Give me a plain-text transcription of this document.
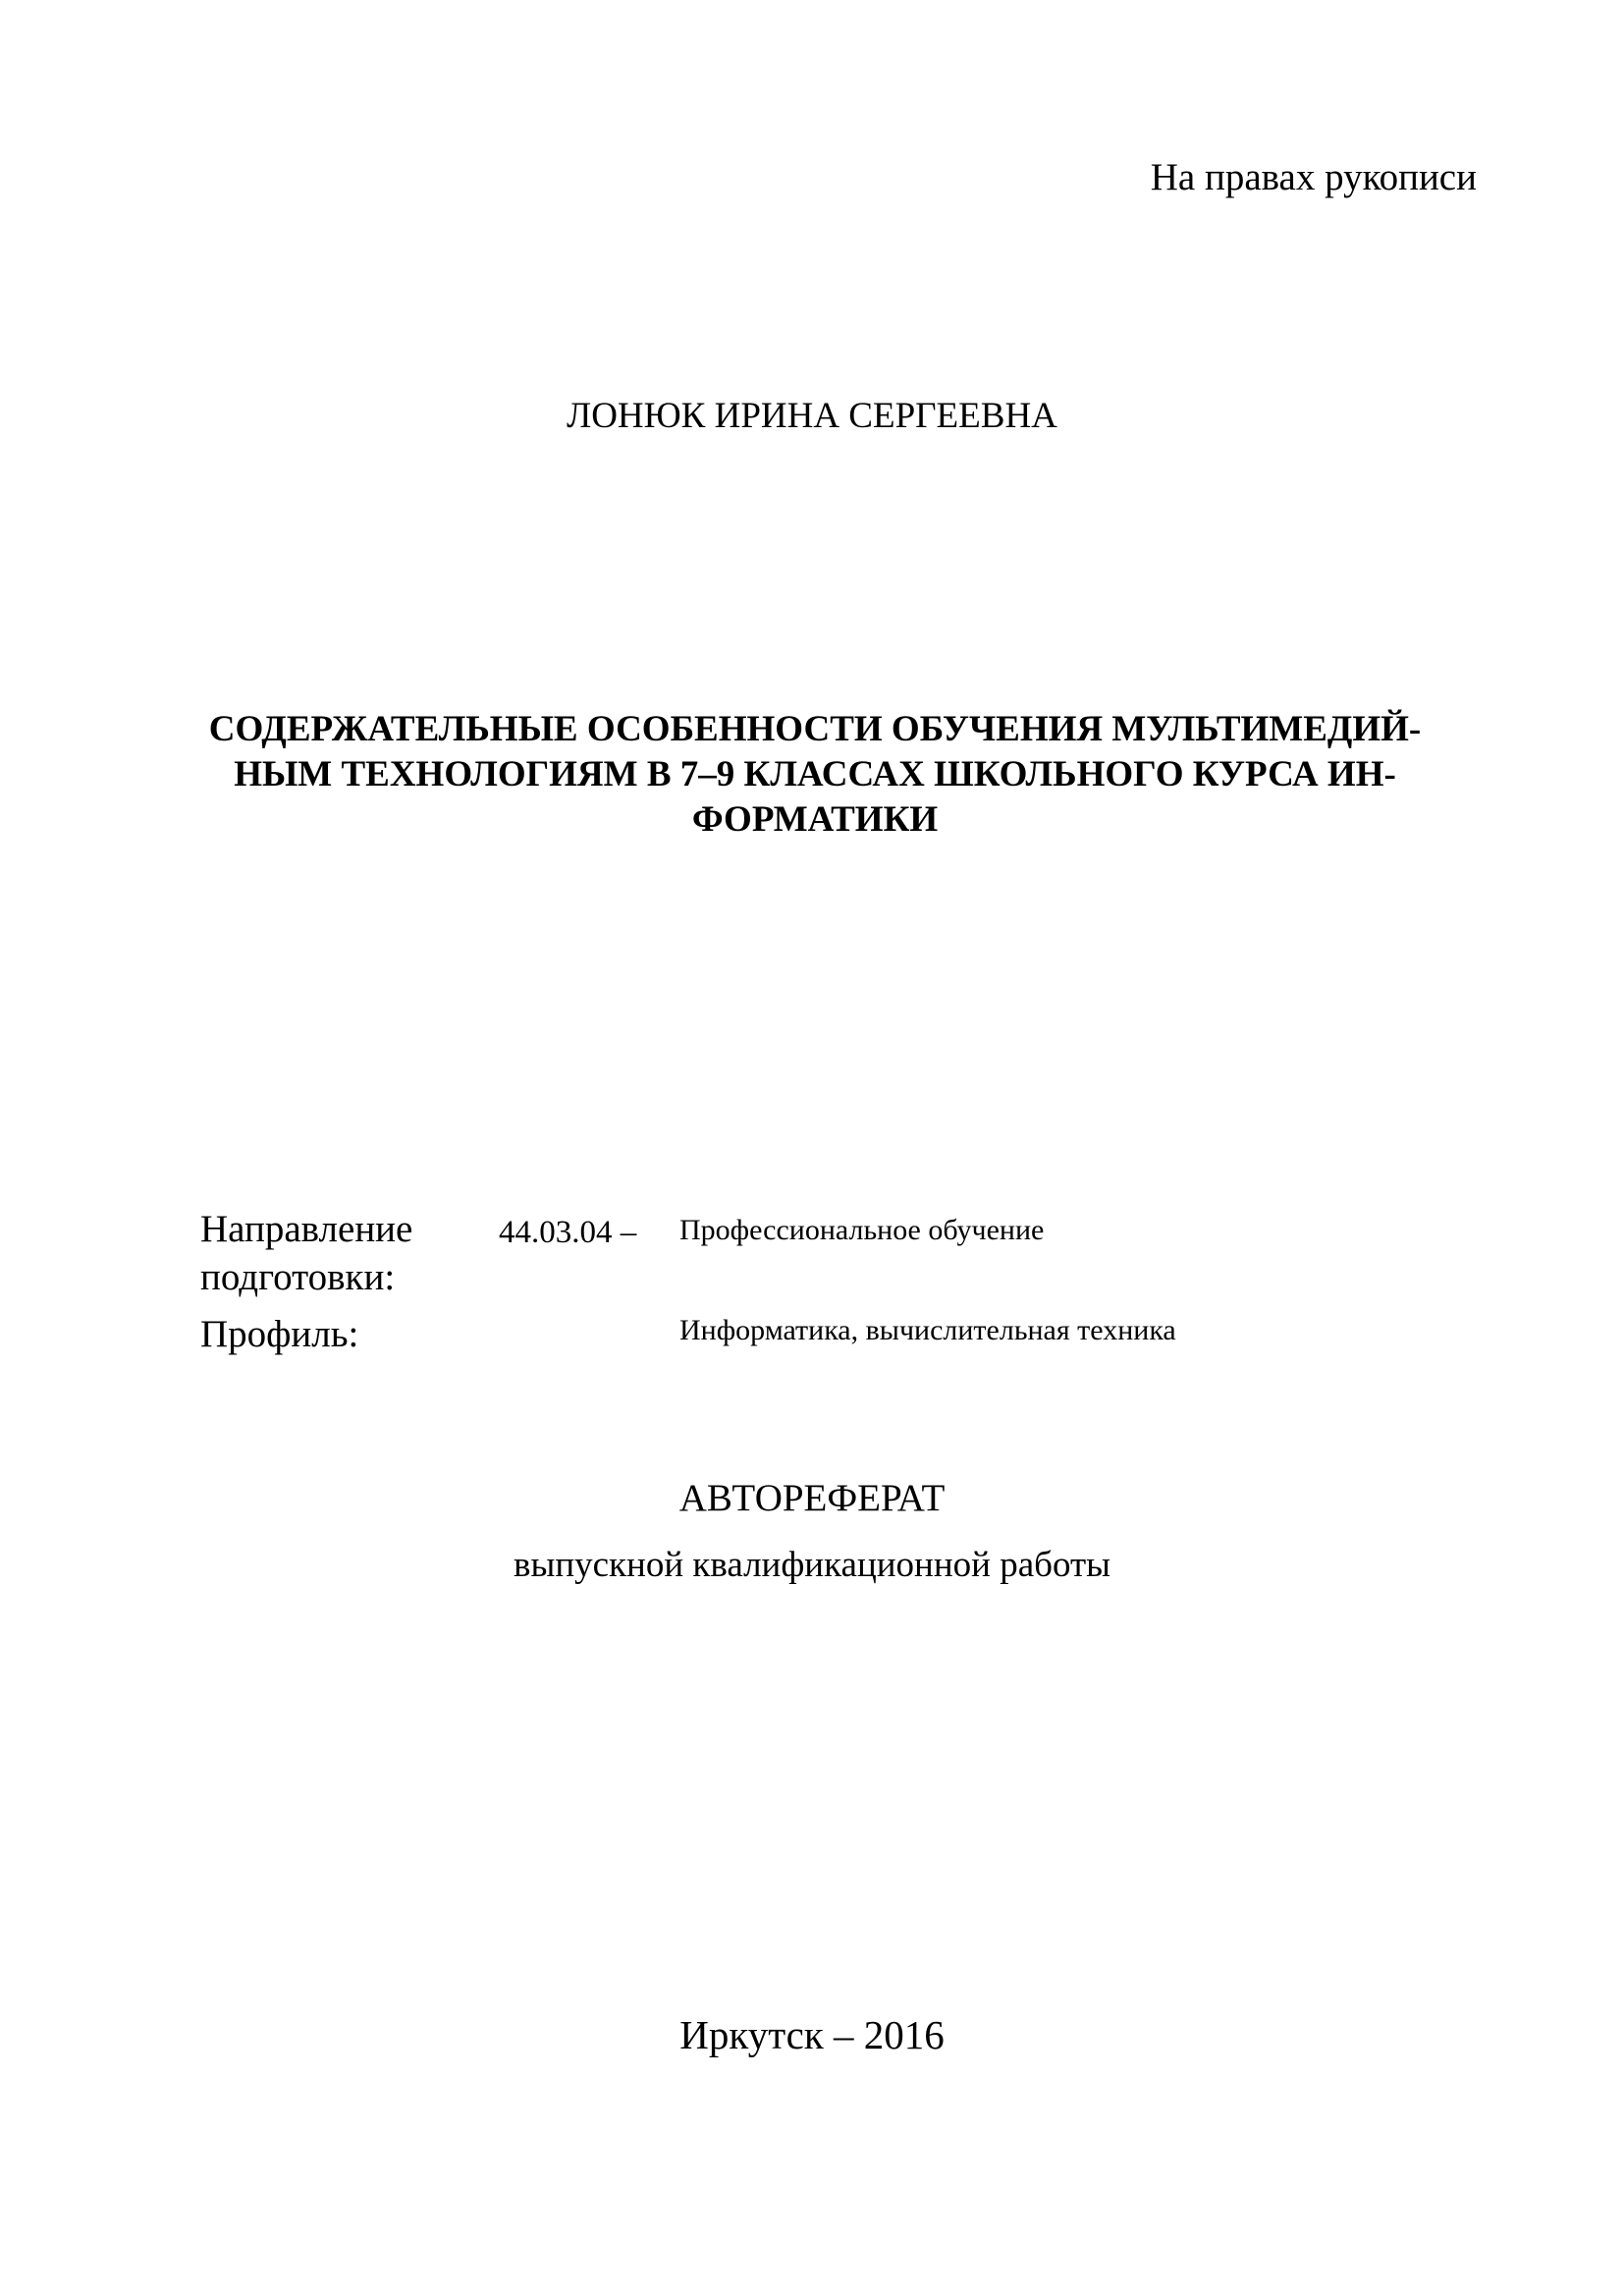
На правах рукописи
ЛОНЮК ИРИНА СЕРГЕЕВНА
СОДЕРЖАТЕЛЬНЫЕ ОСОБЕННОСТИ ОБУЧЕНИЯ МУЛЬТИМЕДИЙ-
НЫМ ТЕХНОЛОГИЯМ В 7–9 КЛАССАХ ШКОЛЬНОГО КУРСА ИН-
ФОРМАТИКИ
Направление
подготовки:
44.03.04 – Профессиональное обучение
Профиль:	Информатика, вычислительная техника
АВТОРЕФЕРАТ
выпускной квалификационной работы
Иркутск – 2016
